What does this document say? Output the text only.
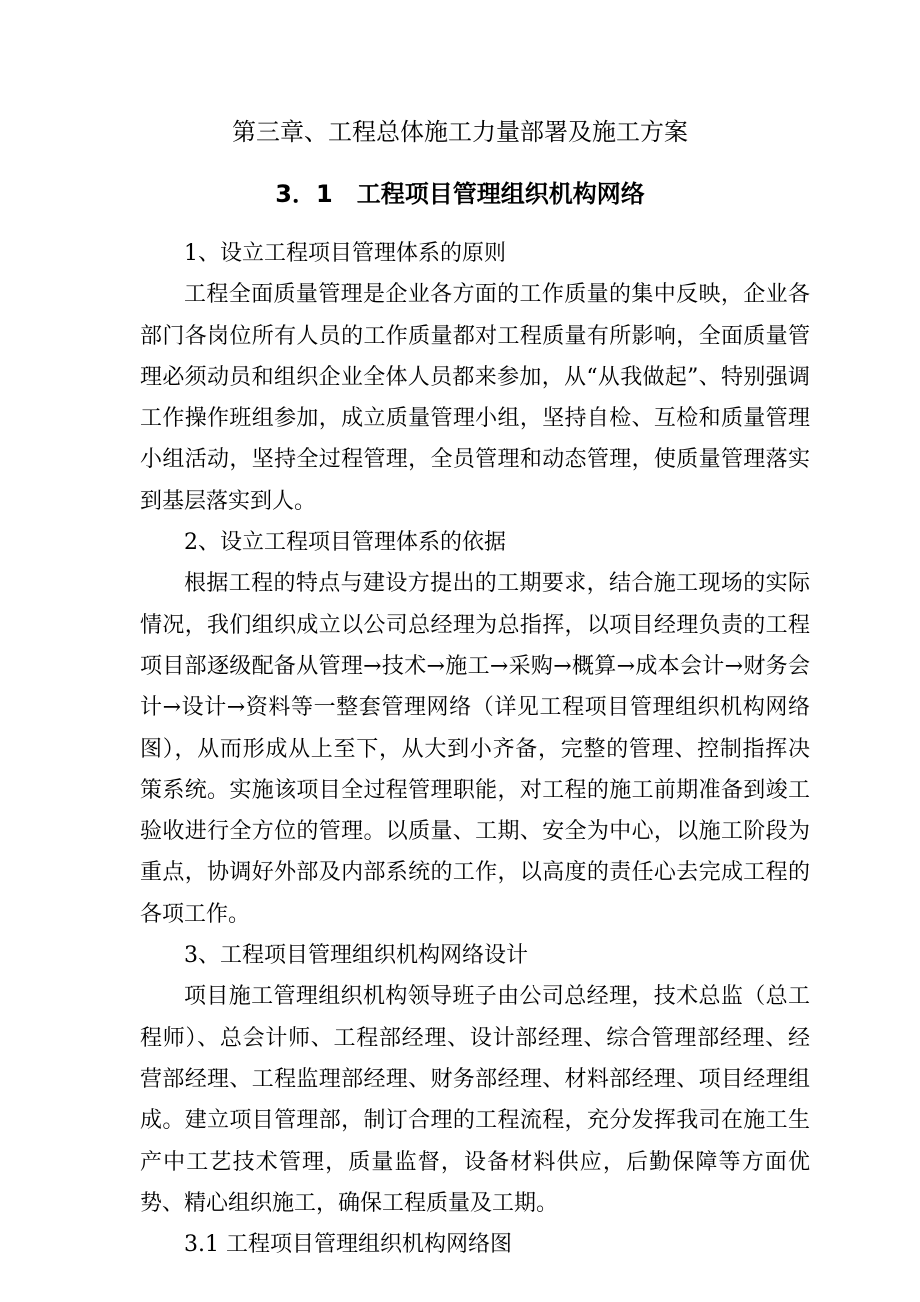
第三章、工程总体施工力量部署及施工方案
3．1　工程项目管理组织机构网络

1、设立工程项目管理体系的原则

工程全面质量管理是企业各方面的工作质量的集中反映，企业各部门各岗位所有人员的工作质量都对工程质量有所影响，全面质量管理必须动员和组织企业全体人员都来参加，从“从我做起”、特别强调工作操作班组参加，成立质量管理小组，坚持自检、互检和质量管理小组活动，坚持全过程管理，全员管理和动态管理，使质量管理落实到基层落实到人。

2、设立工程项目管理体系的依据

根据工程的特点与建设方提出的工期要求，结合施工现场的实际情况，我们组织成立以公司总经理为总指挥，以项目经理负责的工程项目部逐级配备从管理→技术→施工→采购→概算→成本会计→财务会计→设计→资料等一整套管理网络（详见工程项目管理组织机构网络图），从而形成从上至下，从大到小齐备，完整的管理、控制指挥决策系统。实施该项目全过程管理职能，对工程的施工前期准备到竣工验收进行全方位的管理。以质量、工期、安全为中心，以施工阶段为重点，协调好外部及内部系统的工作，以高度的责任心去完成工程的各项工作。

3、工程项目管理组织机构网络设计

项目施工管理组织机构领导班子由公司总经理，技术总监（总工程师）、总会计师、工程部经理、设计部经理、综合管理部经理、经营部经理、工程监理部经理、财务部经理、材料部经理、项目经理组成。建立项目管理部，制订合理的工程流程，充分发挥我司在施工生产中工艺技术管理，质量监督，设备材料供应，后勤保障等方面优势、精心组织施工，确保工程质量及工期。

3.1 工程项目管理组织机构网络图
